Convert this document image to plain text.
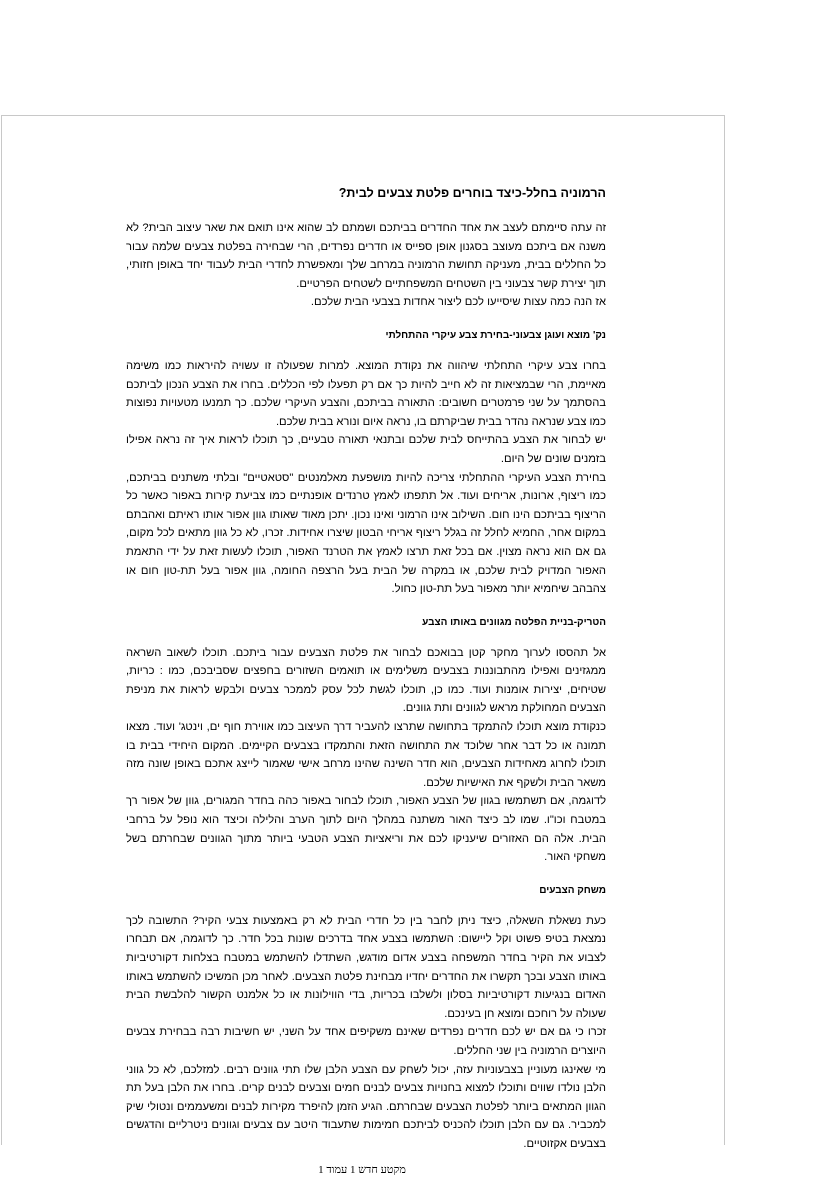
הרמוניה בחלל-כיצד בוחרים פלטת צבעים לבית?

זה עתה סיימתם לעצב את אחד החדרים בביתכם ושמתם לב שהוא אינו תואם את שאר עיצוב הבית? לא משנה אם ביתכם מעוצב בסגנון אופן ספייס או חדרים נפרדים, הרי שבחירה בפלטת צבעים שלמה עבור כל החללים בבית, מעניקה תחושת הרמוניה במרחב שלך ומאפשרת לחדרי הבית לעבוד יחד באופן חזותי, תוך יצירת קשר צבעוני בין השטחים המשפחתיים לשטחים הפרטיים.

אז הנה כמה עצות שיסייעו לכם ליצור אחדות בצבעי הבית שלכם.

נק' מוצא ועוגן צבעוני-בחירת צבע עיקרי ההתחלתי

בחרו צבע עיקרי התחלתי שיהווה את נקודת המוצא. למרות שפעולה זו עשויה להיראות כמו משימה מאיימת, הרי שבמציאות זה לא חייב להיות כך אם רק תפעלו לפי הכללים. בחרו את הצבע הנכון לביתכם בהסתמך על שני פרמטרים חשובים: התאורה בביתכם, והצבע העיקרי שלכם. כך תמנעו מטעויות נפוצות כמו צבע שנראה נהדר בבית שביקרתם בו, נראה איום ונורא בבית שלכם.

יש לבחור את הצבע בהתייחס לבית שלכם ובתנאי תאורה טבעיים, כך תוכלו לראות איך זה נראה אפילו בזמנים שונים של היום.

בחירת הצבע העיקרי ההתחלתי צריכה להיות מושפעת מאלמנטים "סטאטיים" ובלתי משתנים בביתכם, כמו ריצוף, ארונות, אריחים ועוד. אל תתפתו לאמץ טרנדים אופנתיים כמו צביעת קירות באפור כאשר כל הריצוף בביתכם הינו חום. השילוב אינו הרמוני ואינו נכון. יתכן מאוד שאותו גוון אפור אותו ראיתם ואהבתם במקום אחר, החמיא לחלל זה בגלל ריצוף אריחי הבטון שיצרו אחידות. זכרו, לא כל גוון מתאים לכל מקום, גם אם הוא נראה מצוין. אם בכל זאת תרצו לאמץ את הטרנד האפור, תוכלו לעשות זאת על ידי התאמת האפור המדויק לבית שלכם, או במקרה של הבית בעל הרצפה החומה, גוון אפור בעל תת-טון חום או צהבהב שיחמיא יותר מאפור בעל תת-טון כחול.

הטריק-בניית הפלטה מגוונים באותו הצבע

אל תהססו לערוך מחקר קטן בבואכם לבחור את פלטת הצבעים עבור ביתכם. תוכלו לשאוב השראה ממגזינים ואפילו מהתבוננות בצבעים משלימים או תואמים השזורים בחפצים שסביבכם, כמו : כריות, שטיחים, יצירות אומנות ועוד. כמו כן, תוכלו לגשת לכל עסק לממכר צבעים ולבקש לראות את מניפת הצבעים המחולקת מראש לגוונים ותת גוונים.

כנקודת מוצא תוכלו להתמקד בתחושה שתרצו להעביר דרך העיצוב כמו אווירת חוף ים, וינטג' ועוד. מצאו תמונה או כל דבר אחר שלוכד את התחושה הזאת והתמקדו בצבעים הקיימים. המקום היחידי בבית בו תוכלו לחרוג מאחידות הצבעים, הוא חדר השינה שהינו מרחב אישי שאמור לייצג אתכם באופן שונה מזה משאר הבית ולשקף את האישיות שלכם.

לדוגמה, אם תשתמשו בגוון של הצבע האפור, תוכלו לבחור באפור כהה בחדר המגורים, גוון של אפור רך במטבח וכו"ו. שמו לב כיצד האור משתנה במהלך היום לתוך הערב והלילה וכיצד הוא נופל על ברחבי הבית. אלה הם האזורים שיעניקו לכם את וריאציות הצבע הטבעי ביותר מתוך הגוונים שבחרתם בשל משחקי האור.

משחק הצבעים

כעת נשאלת השאלה, כיצד ניתן לחבר בין כל חדרי הבית לא רק באמצעות צבעי הקיר? התשובה לכך נמצאת בטיפ פשוט וקל ליישום: השתמשו בצבע אחד בדרכים שונות בכל חדר. כך לדוגמה, אם תבחרו לצבוע את הקיר בחדר המשפחה בצבע אדום מודגש, השתדלו להשתמש במטבח בצלחות דקורטיביות באותו הצבע ובכך תקשרו את החדרים יחדיו מבחינת פלטת הצבעים. לאחר מכן המשיכו להשתמש באותו האדום בנגיעות דקורטיביות בסלון ולשלבו בכריות, בדי הווילונות או כל אלמנט הקשור להלבשת הבית שעולה על רוחכם ומוצא חן בעינכם.

זכרו כי גם אם יש לכם חדרים נפרדים שאינם משקיפים אחד על השני, יש חשיבות רבה בבחירת צבעים היוצרים הרמוניה בין שני החללים.

מי שאינגו מעוניין בצבעוניות עזה, יכול לשחק עם הצבע הלבן שלו תתי גוונים רבים. למזלכם, לא כל גווני הלבן נולדו שווים ותוכלו למצוא בחנויות צבעים לבנים חמים וצבעים לבנים קרים. בחרו את הלבן בעל תת הגוון המתאים ביותר לפלטת הצבעים שבחרתם. הגיע הזמן להיפרד מקירות לבנים ומשעממים ונטולי שיק למכביר. גם עם הלבן תוכלו להכניס לביתכם חמימות שתעבוד היטב עם צבעים וגוונים ניטרליים והדגשים בצבעים אקזוטיים.

מקטע חדש 1 עמוד 1
